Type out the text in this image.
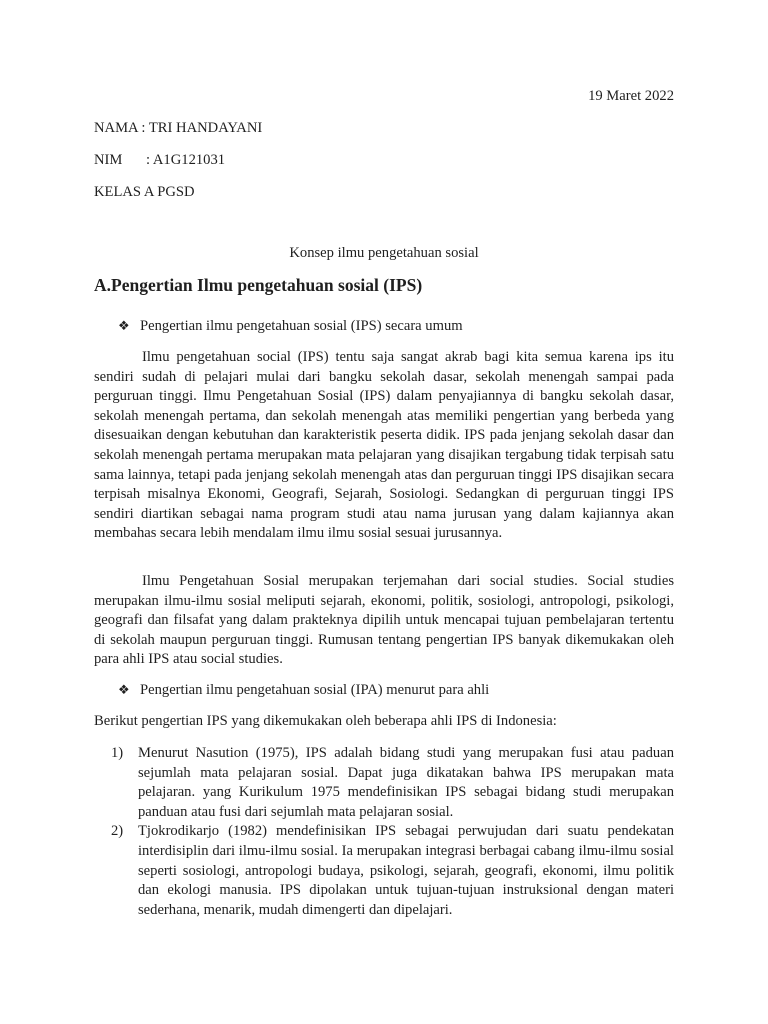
19 Maret 2022
NAMA : TRI HANDAYANI
NIM : A1G121031
KELAS A PGSD
Konsep ilmu pengetahuan sosial
A.Pengertian Ilmu pengetahuan sosial (IPS)
❖ Pengertian ilmu pengetahuan sosial (IPS) secara umum

Ilmu pengetahuan social (IPS) tentu saja sangat akrab bagi kita semua karena ips itu sendiri sudah di pelajari mulai dari bangku sekolah dasar, sekolah menengah sampai pada perguruan tinggi. Ilmu Pengetahuan Sosial (IPS) dalam penyajiannya di bangku sekolah dasar, sekolah menengah pertama, dan sekolah menengah atas memiliki pengertian yang berbeda yang disesuaikan dengan kebutuhan dan karakteristik peserta didik. IPS pada jenjang sekolah dasar dan sekolah menengah pertama merupakan mata pelajaran yang disajikan tergabung tidak terpisah satu sama lainnya, tetapi pada jenjang sekolah menengah atas dan perguruan tinggi IPS disajikan secara terpisah misalnya Ekonomi, Geografi, Sejarah, Sosiologi. Sedangkan di perguruan tinggi IPS sendiri diartikan sebagai nama program studi atau nama jurusan yang dalam kajiannya akan membahas secara lebih mendalam ilmu ilmu sosial sesuai jurusannya.

Ilmu Pengetahuan Sosial merupakan terjemahan dari social studies. Social studies merupakan ilmu-ilmu sosial meliputi sejarah, ekonomi, politik, sosiologi, antropologi, psikologi, geografi dan filsafat yang dalam prakteknya dipilih untuk mencapai tujuan pembelajaran tertentu di sekolah maupun perguruan tinggi. Rumusan tentang pengertian IPS banyak dikemukakan oleh para ahli IPS atau social studies.

❖ Pengertian ilmu pengetahuan sosial (IPA) menurut para ahli
Berikut pengertian IPS yang dikemukakan oleh beberapa ahli IPS di Indonesia:
1) Menurut Nasution (1975), IPS adalah bidang studi yang merupakan fusi atau paduan sejumlah mata pelajaran sosial. Dapat juga dikatakan bahwa IPS merupakan mata pelajaran. yang Kurikulum 1975 mendefinisikan IPS sebagai bidang studi merupakan panduan atau fusi dari sejumlah mata pelajaran sosial.
2) Tjokrodikarjo (1982) mendefinisikan IPS sebagai perwujudan dari suatu pendekatan interdisiplin dari ilmu-ilmu sosial. Ia merupakan integrasi berbagai cabang ilmu-ilmu sosial seperti sosiologi, antropologi budaya, psikologi, sejarah, geografi, ekonomi, ilmu politik dan ekologi manusia. IPS dipolakan untuk tujuan-tujuan instruksional dengan materi sederhana, menarik, mudah dimengerti dan dipelajari.
